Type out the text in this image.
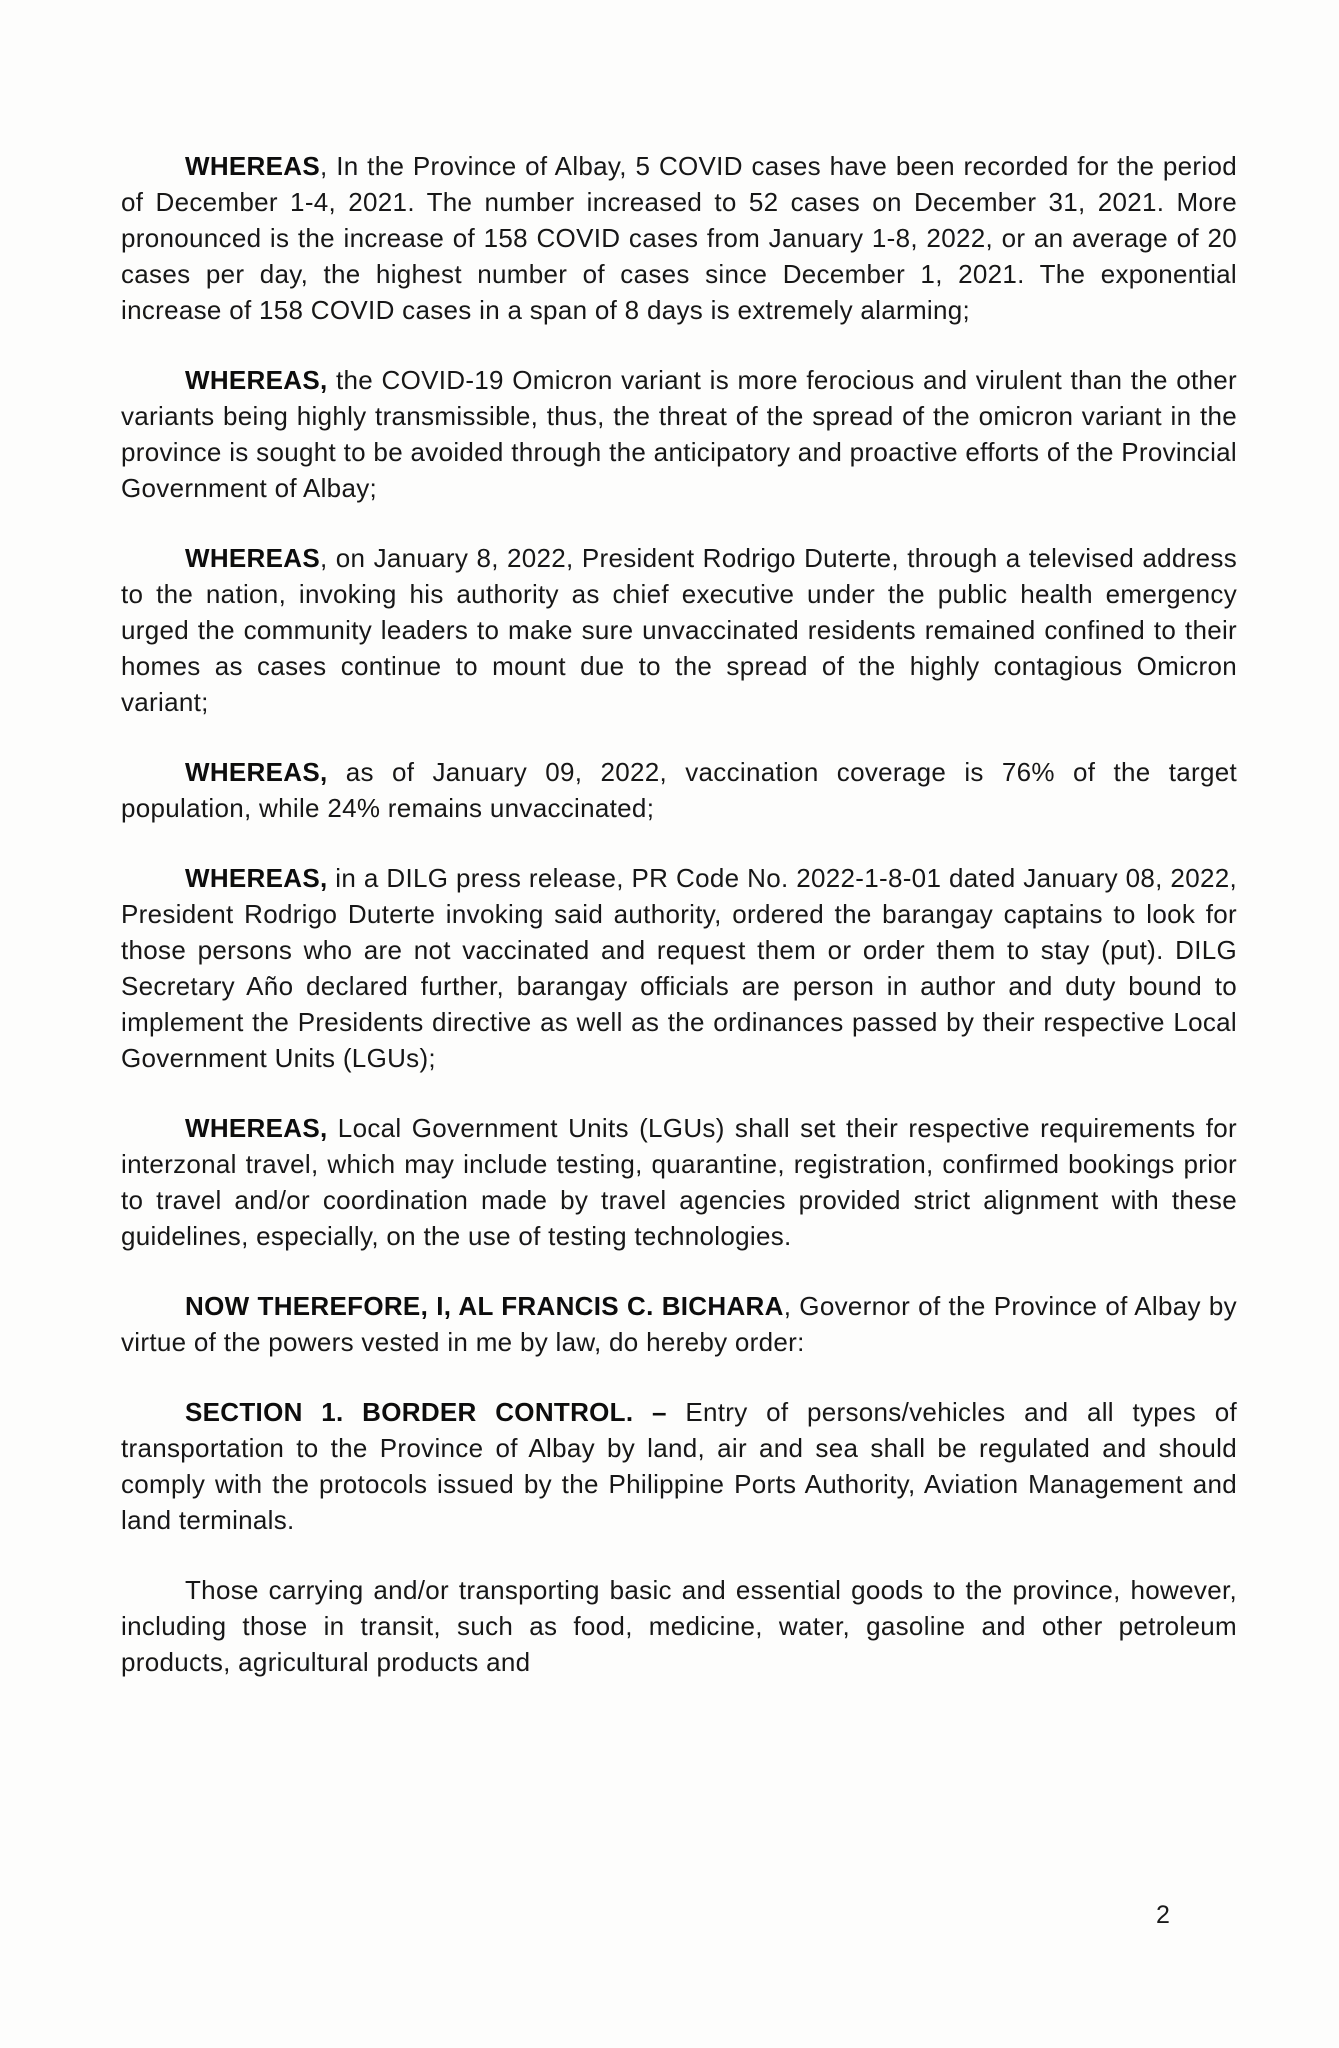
WHEREAS, In the Province of Albay, 5 COVID cases have been recorded for the period of December 1-4, 2021. The number increased to 52 cases on December 31, 2021. More pronounced is the increase of 158 COVID cases from January 1-8, 2022, or an average of 20 cases per day, the highest number of cases since December 1, 2021. The exponential increase of 158 COVID cases in a span of 8 days is extremely alarming;

WHEREAS, the COVID-19 Omicron variant is more ferocious and virulent than the other variants being highly transmissible, thus, the threat of the spread of the omicron variant in the province is sought to be avoided through the anticipatory and proactive efforts of the Provincial Government of Albay;

WHEREAS, on January 8, 2022, President Rodrigo Duterte, through a televised address to the nation, invoking his authority as chief executive under the public health emergency urged the community leaders to make sure unvaccinated residents remained confined to their homes as cases continue to mount due to the spread of the highly contagious Omicron variant;

WHEREAS, as of January 09, 2022, vaccination coverage is 76% of the target population, while 24% remains unvaccinated;

WHEREAS, in a DILG press release, PR Code No. 2022-1-8-01 dated January 08, 2022, President Rodrigo Duterte invoking said authority, ordered the barangay captains to look for those persons who are not vaccinated and request them or order them to stay (put). DILG Secretary Año declared further, barangay officials are person in author and duty bound to implement the Presidents directive as well as the ordinances passed by their respective Local Government Units (LGUs);

WHEREAS, Local Government Units (LGUs) shall set their respective requirements for interzonal travel, which may include testing, quarantine, registration, confirmed bookings prior to travel and/or coordination made by travel agencies provided strict alignment with these guidelines, especially, on the use of testing technologies.

NOW THEREFORE, I, AL FRANCIS C. BICHARA, Governor of the Province of Albay by virtue of the powers vested in me by law, do hereby order:

SECTION 1. BORDER CONTROL. – Entry of persons/vehicles and all types of transportation to the Province of Albay by land, air and sea shall be regulated and should comply with the protocols issued by the Philippine Ports Authority, Aviation Management and land terminals.

Those carrying and/or transporting basic and essential goods to the province, however, including those in transit, such as food, medicine, water, gasoline and other petroleum products, agricultural products and

2
